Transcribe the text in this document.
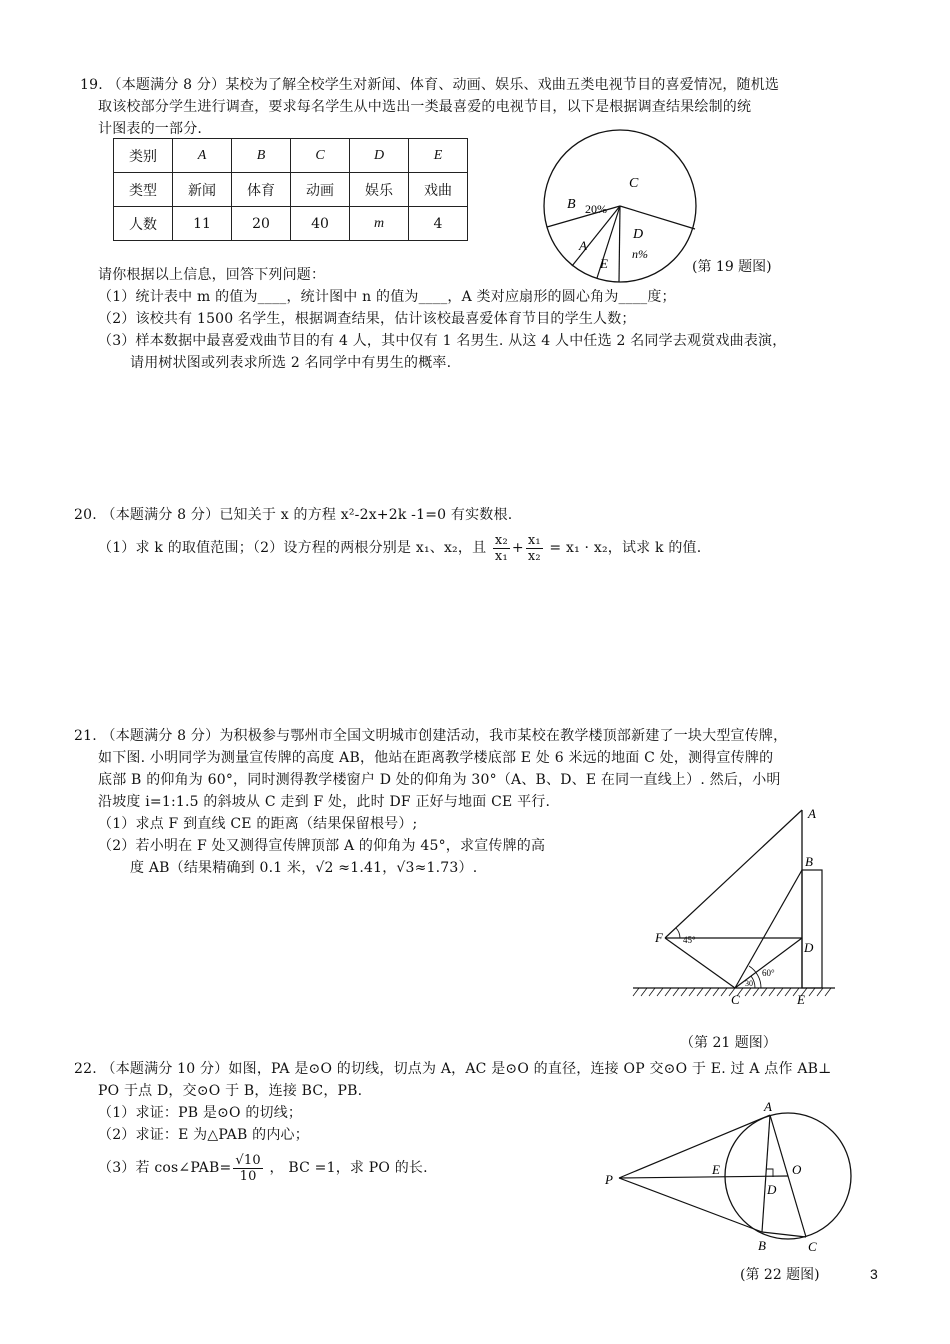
19. （本题满分 8 分）某校为了解全校学生对新闻、体育、动画、娱乐、戏曲五类电视节目的喜爱情况，随机选
取该校部分学生进行调查，要求每名学生从中选出一类最喜爱的电视节目，以下是根据调查结果绘制的统
计图表的一部分.
类别	A	B	C	D	E
类型	新闻	体育	动画	娱乐	戏曲
人数	11	20	40	m	4
C
B 20%
A
D
n%
E	(第 19 题图)
请你根据以上信息，回答下列问题：
（1）统计表中 m 的值为____，统计图中 n 的值为____，A 类对应扇形的圆心角为____度；
（2）该校共有 1500 名学生，根据调查结果，估计该校最喜爱体育节目的学生人数；
（3）样本数据中最喜爱戏曲节目的有 4 人，其中仅有 1 名男生. 从这 4 人中任选 2 名同学去观赏戏曲表演，
请用树状图或列表求所选 2 名同学中有男生的概率.
20. （本题满分 8 分）已知关于 x 的方程 x²-2x+2k -1=0 有实数根.
（1）求 k 的取值范围；（2）设方程的两根分别是 x₁、x₂，且 $\frac{\text{x₂}}{\text{x₁}} + \frac{\text{x₁}}{\text{x₂}} = x_1 \cdot x_2$，试求 k 的值.
21. （本题满分 8 分）为积极参与鄂州市全国文明城市创建活动，我市某校在教学楼顶部新建了一块大型宣传牌，
如下图. 小明同学为测量宣传牌的高度 AB，他站在距离教学楼底部 E 处 6 米远的地面 C 处，测得宣传牌的
底部 B 的仰角为 60°，同时测得教学楼窗户 D 处的仰角为 30°（A、B、D、E 在同一直线上）. 然后，小明
沿坡度 i=1:1.5 的斜坡从 C 走到 F 处，此时 DF 正好与地面 CE 平行.
（1）求点 F 到直线 CE 的距离（结果保留根号）;
（2）若小明在 F 处又测得宣传牌顶部 A 的仰角为 45°，求宣传牌的高
度 AB（结果精确到 0.1 米，√2 ≈1.41，√3≈1.73）.
A
B
D
F
C	E
45°
60°
30
（第 21 题图）
22. （本题满分 10 分）如图，PA 是⊙O 的切线，切点为 A，AC 是⊙O 的直径，连接 OP 交⊙O 于 E. 过 A 点作 AB⊥
PO 于点 D，交⊙O 于 B，连接 BC，PB.
（1）求证：PB 是⊙O 的切线；
（2）求证：E 为△PAB 的内心；
（3）若 cos∠PAB= $\frac{√10}{10}$ ， BC =1，求 PO 的长.
A
P
E	O
D
B	C
(第 22 题图)	3
